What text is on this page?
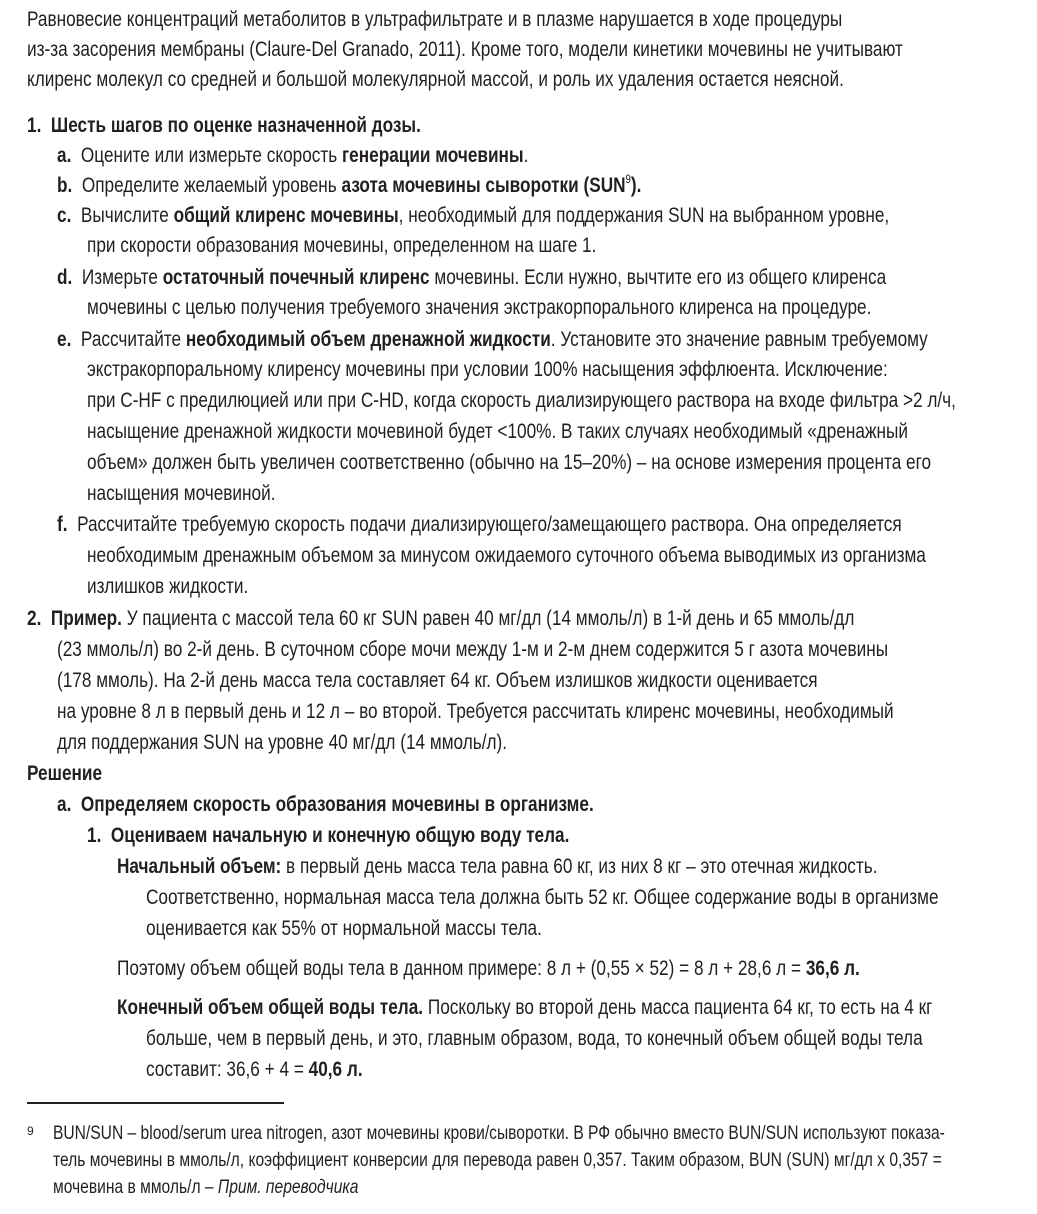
Равновесие концентраций метаболитов в ультрафильтрате и в плазме нарушается в ходе процедуры
из-за засорения мембраны (Claure-Del Granado, 2011). Кроме того, модели кинетики мочевины не учитывают
клиренс молекул со средней и большой молекулярной массой, и роль их удаления остается неясной.
1. Шесть шагов по оценке назначенной дозы.
a. Оцените или измерьте скорость генерации мочевины.
b. Определите желаемый уровень азота мочевины сыворотки (SUN$^9$).
c. Вычислите общий клиренс мочевины, необходимый для поддержания SUN на выбранном уровне,
при скорости образования мочевины, определенном на шаге 1.
d. Измерьте остаточный почечный клиренс мочевины. Если нужно, вычтите его из общего клиренса
мочевины с целью получения требуемого значения экстракорпорального клиренса на процедуре.
e. Рассчитайте необходимый объем дренажной жидкости. Установите это значение равным требуемому
экстракорпоральному клиренсу мочевины при условии 100% насыщения эффлюента. Исключение:
при C-HF с предилюцией или при C-HD, когда скорость диализирующего раствора на входе фильтра >2 л/ч,
насыщение дренажной жидкости мочевиной будет <100%. В таких случаях необходимый «дренажный
объем» должен быть увеличен соответственно (обычно на 15–20%) – на основе измерения процента его
насыщения мочевиной.
f. Рассчитайте требуемую скорость подачи диализирующего/замещающего раствора. Она определяется
необходимым дренажным объемом за минусом ожидаемого суточного объема выводимых из организма
излишков жидкости.
2. Пример. У пациента с массой тела 60 кг SUN равен 40 мг/дл (14 ммоль/л) в 1-й день и 65 ммоль/дл
(23 ммоль/л) во 2-й день. В суточном сборе мочи между 1-м и 2-м днем содержится 5 г азота мочевины
(178 ммоль). На 2-й день масса тела составляет 64 кг. Объем излишков жидкости оценивается
на уровне 8 л в первый день и 12 л – во второй. Требуется рассчитать клиренс мочевины, необходимый
для поддержания SUN на уровне 40 мг/дл (14 ммоль/л).
Решение
a. Определяем скорость образования мочевины в организме.
1. Оцениваем начальную и конечную общую воду тела.
Начальный объем: в первый день масса тела равна 60 кг, из них 8 кг – это отечная жидкость.
Соответственно, нормальная масса тела должна быть 52 кг. Общее содержание воды в организме
оценивается как 55% от нормальной массы тела.
Поэтому объем общей воды тела в данном примере: 8 л + (0,55 × 52) = 8 л + 28,6 л = 36,6 л.
Конечный объем общей воды тела. Поскольку во второй день масса пациента 64 кг, то есть на 4 кг
больше, чем в первый день, и это, главным образом, вода, то конечный объем общей воды тела
составит: 36,6 + 4 = 40,6 л.
9 BUN/SUN – blood/serum urea nitrogen, азот мочевины крови/сыворотки. В РФ обычно вместо BUN/SUN используют показа-
тель мочевины в ммоль/л, коэффициент конверсии для перевода равен 0,357. Таким образом, BUN (SUN) мг/дл x 0,357 =
мочевина в ммоль/л – Прим. переводчика
